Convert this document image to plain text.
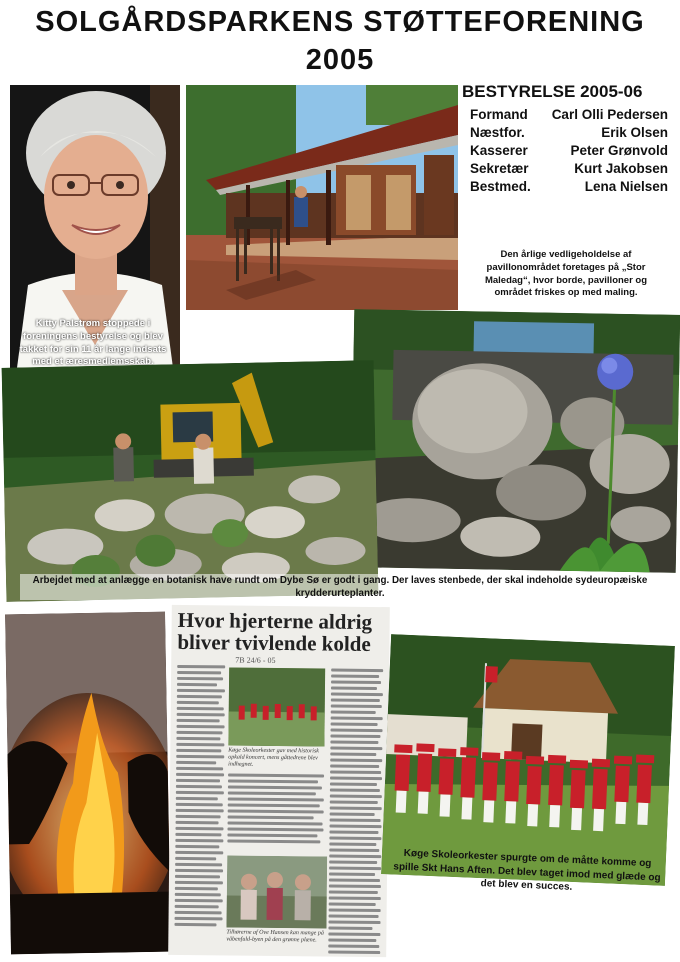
SOLGÅRDSPARKENS STØTTEFORENING
2005
Kitty Palstrøm stoppede i foreningens bestyrelse og blev takket for sin 11 år lange indsats med et æresmedlemsskab.
BESTYRELSE 2005-06
Formand Carl Olli Pedersen
Næstfor.	Erik Olsen
Kasserer	Peter Grønvold
Sekretær	Kurt Jakobsen
Bestmed.	Lena Nielsen
Den årlige vedligeholdelse af pavillonområdet foretages på „Stor Maledag“, hvor borde, pavilloner og området friskes op med maling.
Arbejdet med at anlægge en botanisk have rundt om Dybe Sø er godt i gang. Der laves stenbede, der skal indeholde sydeuropæiske krydderurteplanter.
Hvor hjerterne aldrig
bliver tvivlende kolde
7B 24/6 - 05
Køge Skoleorkester gav med historisk opkald koncert, mens gåttedrene blev indhegnet.
Tilhørerne af Ove Hansen kan mange på våbenfuld-byen på den grønne plæne.
Køge Skoleorkester spurgte om de måtte komme og spille Skt Hans Aften. Det blev taget imod med glæde og det blev en succes.
